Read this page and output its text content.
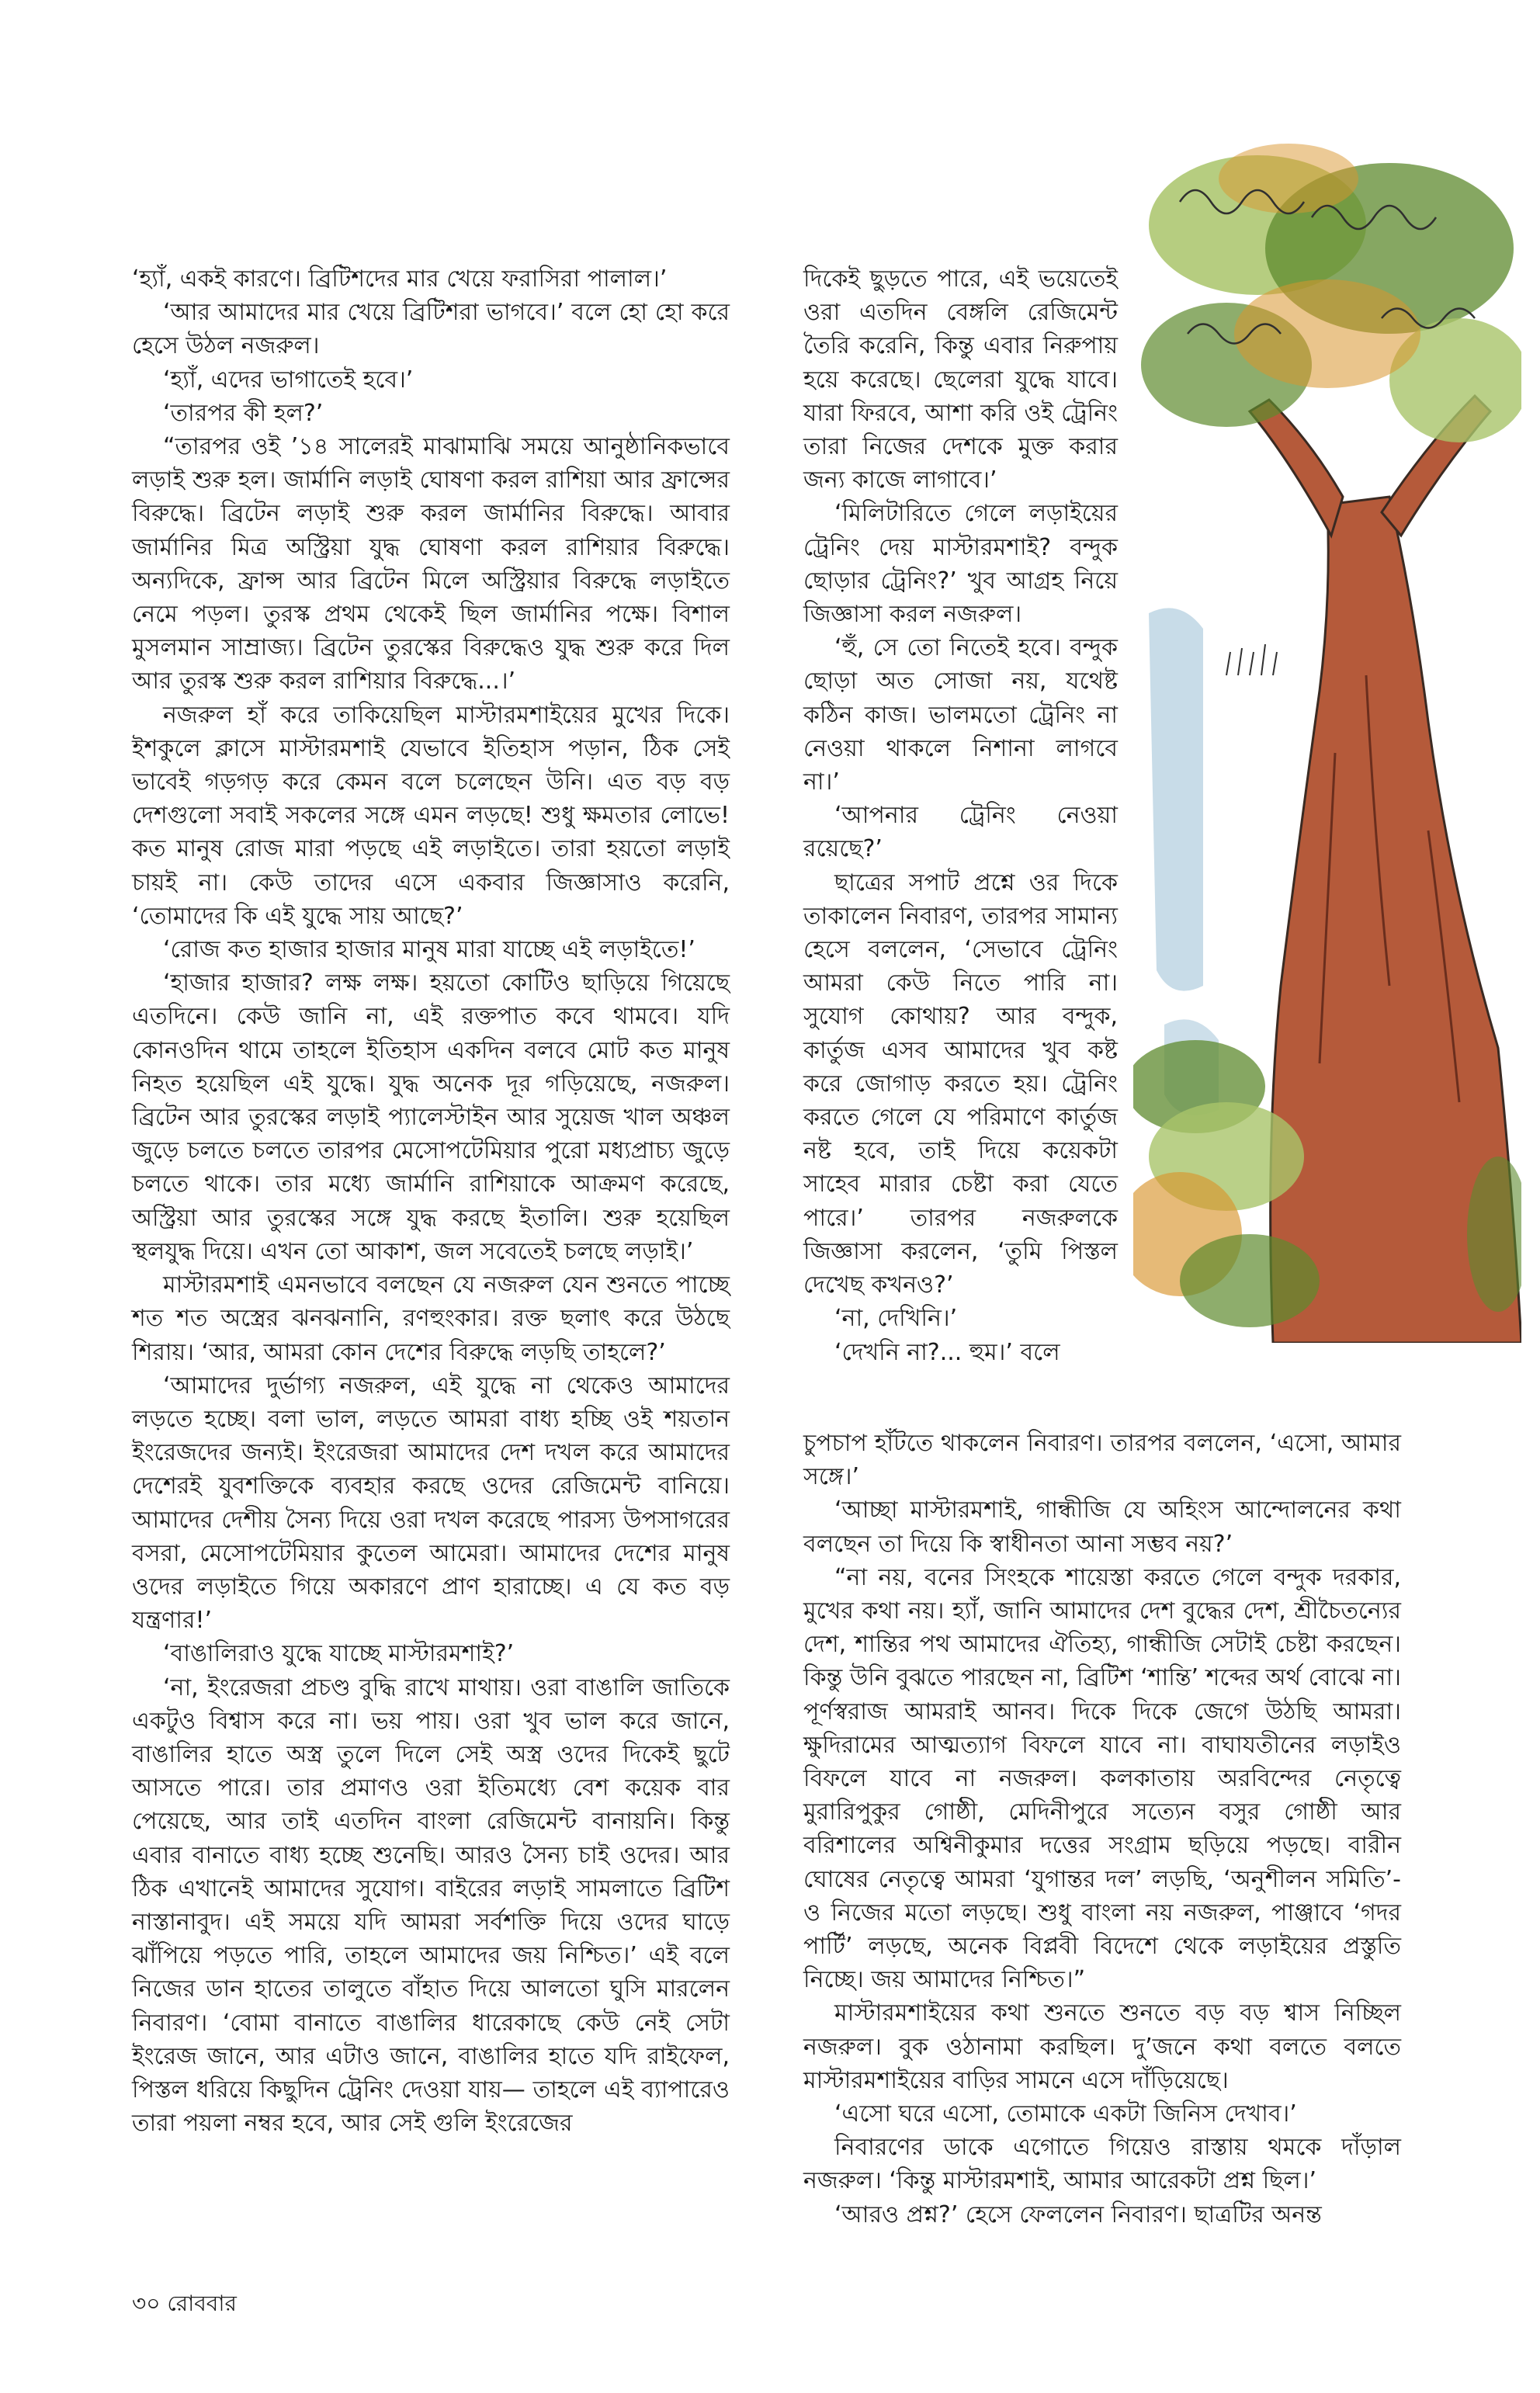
‘হ্যাঁ, একই কারণে। ব্রিটিশদের মার খেয়ে ফরাসিরা পালাল।’

‘আর আমাদের মার খেয়ে ব্রিটিশরা ভাগবে।’ বলে হো হো করে হেসে উঠল নজরুল।

‘হ্যাঁ, এদের ভাগাতেই হবে।’

‘তারপর কী হল?’

“তারপর ওই ’১৪ সালেরই মাঝামাঝি সময়ে আনুষ্ঠানিকভাবে লড়াই শুরু হল। জার্মানি লড়াই ঘোষণা করল রাশিয়া আর ফ্রান্সের বিরুদ্ধে। ব্রিটেন লড়াই শুরু করল জার্মানির বিরুদ্ধে। আবার জার্মানির মিত্র অস্ট্রিয়া যুদ্ধ ঘোষণা করল রাশিয়ার বিরুদ্ধে। অন্যদিকে, ফ্রান্স আর ব্রিটেন মিলে অস্ট্রিয়ার বিরুদ্ধে লড়াইতে নেমে পড়ল। তুরস্ক প্রথম থেকেই ছিল জার্মানির পক্ষে। বিশাল মুসলমান সাম্রাজ্য। ব্রিটেন তুরস্কের বিরুদ্ধেও যুদ্ধ শুরু করে দিল আর তুরস্ক শুরু করল রাশিয়ার বিরুদ্ধে...।’

নজরুল হাঁ করে তাকিয়েছিল মাস্টারমশাইয়ের মুখের দিকে। ইশকুলে ক্লাসে মাস্টারমশাই যেভাবে ইতিহাস পড়ান, ঠিক সেই ভাবেই গড়গড় করে কেমন বলে চলেছেন উনি। এত বড় বড় দেশগুলো সবাই সকলের সঙ্গে এমন লড়ছে! শুধু ক্ষমতার লোভে! কত মানুষ রোজ মারা পড়ছে এই লড়াইতে। তারা হয়তো লড়াই চায়ই না। কেউ তাদের এসে একবার জিজ্ঞাসাও করেনি, ‘তোমাদের কি এই যুদ্ধে সায় আছে?’

‘রোজ কত হাজার হাজার মানুষ মারা যাচ্ছে এই লড়াইতে!’

‘হাজার হাজার? লক্ষ লক্ষ। হয়তো কোটিও ছাড়িয়ে গিয়েছে এতদিনে। কেউ জানি না, এই রক্তপাত কবে থামবে। যদি কোনওদিন থামে তাহলে ইতিহাস একদিন বলবে মোট কত মানুষ নিহত হয়েছিল এই যুদ্ধে। যুদ্ধ অনেক দূর গড়িয়েছে, নজরুল। ব্রিটেন আর তুরস্কের লড়াই প্যালেস্টাইন আর সুয়েজ খাল অঞ্চল জুড়ে চলতে চলতে তারপর মেসোপটেমিয়ার পুরো মধ্যপ্রাচ্য জুড়ে চলতে থাকে। তার মধ্যে জার্মানি রাশিয়াকে আক্রমণ করেছে, অস্ট্রিয়া আর তুরস্কের সঙ্গে যুদ্ধ করছে ইতালি। শুরু হয়েছিল স্থলযুদ্ধ দিয়ে। এখন তো আকাশ, জল সবেতেই চলছে লড়াই।’

মাস্টারমশাই এমনভাবে বলছেন যে নজরুল যেন শুনতে পাচ্ছে শত শত অস্ত্রের ঝনঝনানি, রণহুংকার। রক্ত ছলাৎ করে উঠছে শিরায়। ‘আর, আমরা কোন দেশের বিরুদ্ধে লড়ছি তাহলে?’

‘আমাদের দুর্ভাগ্য নজরুল, এই যুদ্ধে না থেকেও আমাদের লড়তে হচ্ছে। বলা ভাল, লড়তে আমরা বাধ্য হচ্ছি ওই শয়তান ইংরেজদের জন্যই। ইংরেজরা আমাদের দেশ দখল করে আমাদের দেশেরই যুবশক্তিকে ব্যবহার করছে ওদের রেজিমেন্ট বানিয়ে। আমাদের দেশীয় সৈন্য দিয়ে ওরা দখল করেছে পারস্য উপসাগরের বসরা, মেসোপটেমিয়ার কুতেল আমেরা। আমাদের দেশের মানুষ ওদের লড়াইতে গিয়ে অকারণে প্রাণ হারাচ্ছে। এ যে কত বড় যন্ত্রণার!’

‘বাঙালিরাও যুদ্ধে যাচ্ছে মাস্টারমশাই?’

‘না, ইংরেজরা প্রচণ্ড বুদ্ধি রাখে মাথায়। ওরা বাঙালি জাতিকে একটুও বিশ্বাস করে না। ভয় পায়। ওরা খুব ভাল করে জানে, বাঙালির হাতে অস্ত্র তুলে দিলে সেই অস্ত্র ওদের দিকেই ছুটে আসতে পারে। তার প্রমাণও ওরা ইতিমধ্যে বেশ কয়েক বার পেয়েছে, আর তাই এতদিন বাংলা রেজিমেন্ট বানায়নি। কিন্তু এবার বানাতে বাধ্য হচ্ছে শুনেছি। আরও সৈন্য চাই ওদের। আর ঠিক এখানেই আমাদের সুযোগ। বাইরের লড়াই সামলাতে ব্রিটিশ নাস্তানাবুদ। এই সময়ে যদি আমরা সর্বশক্তি দিয়ে ওদের ঘাড়ে ঝাঁপিয়ে পড়তে পারি, তাহলে আমাদের জয় নিশ্চিত।’ এই বলে নিজের ডান হাতের তালুতে বাঁহাত দিয়ে আলতো ঘুসি মারলেন নিবারণ। ‘বোমা বানাতে বাঙালির ধারেকাছে কেউ নেই সেটা ইংরেজ জানে, আর এটাও জানে, বাঙালির হাতে যদি রাইফেল, পিস্তল ধরিয়ে কিছুদিন ট্রেনিং দেওয়া যায়— তাহলে এই ব্যাপারেও তারা পয়লা নম্বর হবে, আর সেই গুলি ইংরেজের

দিকেই ছুড়তে পারে, এই ভয়েতেই ওরা এতদিন বেঙ্গলি রেজিমেন্ট তৈরি করেনি, কিন্তু এবার নিরুপায় হয়ে করেছে। ছেলেরা যুদ্ধে যাবে। যারা ফিরবে, আশা করি ওই ট্রেনিং তারা নিজের দেশকে মুক্ত করার জন্য কাজে লাগাবে।’

‘মিলিটারিতে গেলে লড়াইয়ের ট্রেনিং দেয় মাস্টারমশাই? বন্দুক ছোড়ার ট্রেনিং?’ খুব আগ্রহ নিয়ে জিজ্ঞাসা করল নজরুল।

‘হুঁ, সে তো নিতেই হবে। বন্দুক ছোড়া অত সোজা নয়, যথেষ্ট কঠিন কাজ। ভালমতো ট্রেনিং না নেওয়া থাকলে নিশানা লাগবে না।’

‘আপনার ট্রেনিং নেওয়া রয়েছে?’

ছাত্রের সপাট প্রশ্নে ওর দিকে তাকালেন নিবারণ, তারপর সামান্য হেসে বললেন, ‘সেভাবে ট্রেনিং আমরা কেউ নিতে পারি না। সুযোগ কোথায়? আর বন্দুক, কার্তুজ এসব আমাদের খুব কষ্ট করে জোগাড় করতে হয়। ট্রেনিং করতে গেলে যে পরিমাণে কার্তুজ নষ্ট হবে, তাই দিয়ে কয়েকটা সাহেব মারার চেষ্টা করা যেতে পারে।’ তারপর নজরুলকে জিজ্ঞাসা করলেন, ‘তুমি পিস্তল দেখেছ কখনও?’

‘না, দেখিনি।’

‘দেখনি না?... হুম।’ বলে

চুপচাপ হাঁটতে থাকলেন নিবারণ। তারপর বললেন, ‘এসো, আমার সঙ্গে।’

‘আচ্ছা মাস্টারমশাই, গান্ধীজি যে অহিংস আন্দোলনের কথা বলছেন তা দিয়ে কি স্বাধীনতা আনা সম্ভব নয়?’

“না নয়, বনের সিংহকে শায়েস্তা করতে গেলে বন্দুক দরকার, মুখের কথা নয়। হ্যাঁ, জানি আমাদের দেশ বুদ্ধের দেশ, শ্রীচৈতন্যের দেশ, শান্তির পথ আমাদের ঐতিহ্য, গান্ধীজি সেটাই চেষ্টা করছেন। কিন্তু উনি বুঝতে পারছেন না, ব্রিটিশ ‘শান্তি’ শব্দের অর্থ বোঝে না। পূর্ণস্বরাজ আমরাই আনব। দিকে দিকে জেগে উঠছি আমরা। ক্ষুদিরামের আত্মত্যাগ বিফলে যাবে না। বাঘাযতীনের লড়াইও বিফলে যাবে না নজরুল। কলকাতায় অরবিন্দের নেতৃত্বে মুরারিপুকুর গোষ্ঠী, মেদিনীপুরে সত্যেন বসুর গোষ্ঠী আর বরিশালের অশ্বিনীকুমার দত্তের সংগ্রাম ছড়িয়ে পড়ছে। বারীন ঘোষের নেতৃত্বে আমরা ‘যুগান্তর দল’ লড়ছি, ‘অনুশীলন সমিতি’-ও নিজের মতো লড়ছে। শুধু বাংলা নয় নজরুল, পাঞ্জাবে ‘গদর পার্টি’ লড়ছে, অনেক বিপ্লবী বিদেশে থেকে লড়াইয়ের প্রস্তুতি নিচ্ছে। জয় আমাদের নিশ্চিত।”

মাস্টারমশাইয়ের কথা শুনতে শুনতে বড় বড় শ্বাস নিচ্ছিল নজরুল। বুক ওঠানামা করছিল। দু’জনে কথা বলতে বলতে মাস্টারমশাইয়ের বাড়ির সামনে এসে দাঁড়িয়েছে।

‘এসো ঘরে এসো, তোমাকে একটা জিনিস দেখাব।’

নিবারণের ডাকে এগোতে গিয়েও রাস্তায় থমকে দাঁড়াল নজরুল। ‘কিন্তু মাস্টারমশাই, আমার আরেকটা প্রশ্ন ছিল।’

‘আরও প্রশ্ন?’ হেসে ফেললেন নিবারণ। ছাত্রটির অনন্ত

৩০ রোববার
